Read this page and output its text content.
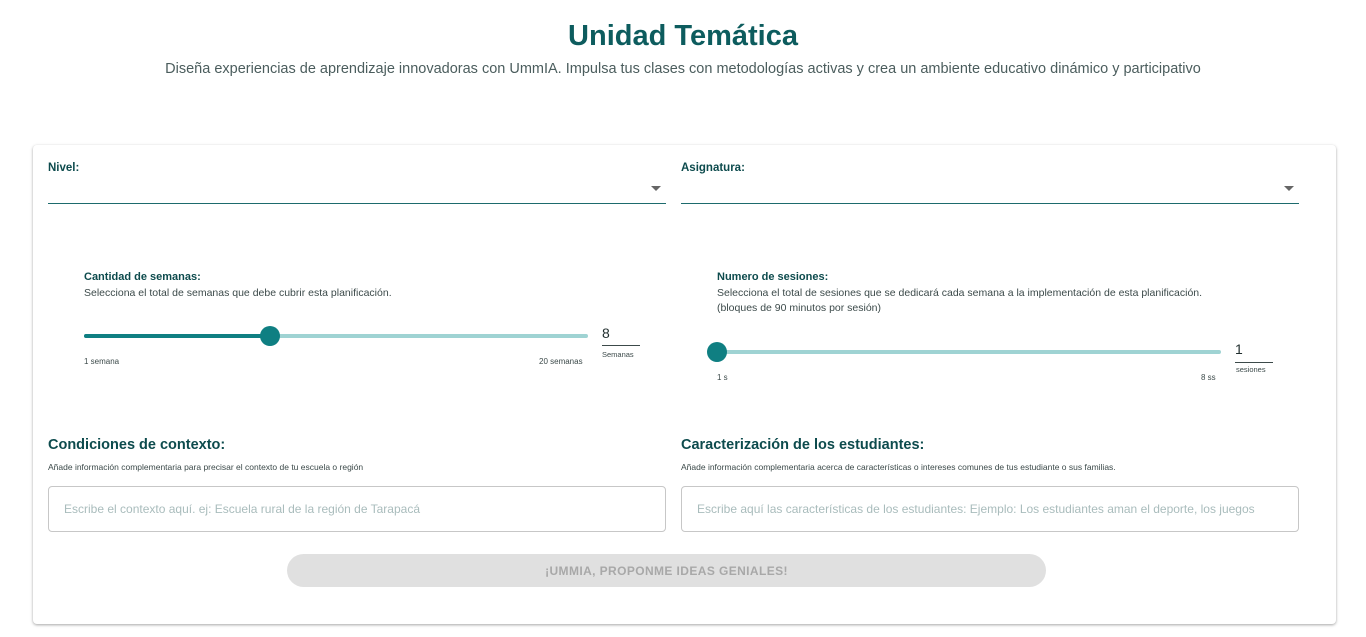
Unidad Temática

Diseña experiencias de aprendizaje innovadoras con UmmIA. Impulsa tus clases con metodologías activas y crea un ambiente educativo dinámico y participativo

Nivel:	Asignatura:
Cantidad de semanas:
Selecciona el total de semanas que debe cubrir esta planificación.
1 semana	20 semanas
8
Semanas
Numero de sesiones:
Selecciona el total de sesiones que se dedicará cada semana a la implementación de esta planificación.
(bloques de 90 minutos por sesión)
1 s	8 ss
1
sesiones
Condiciones de contexto:
Añade información complementaria para precisar el contexto de tu escuela o región
Escribe el contexto aquí. ej: Escuela rural de la región de Tarapacá
Caracterización de los estudiantes:
Añade información complementaria acerca de características o intereses comunes de tus estudiante o sus familias.
Escribe aquí las características de los estudiantes: Ejemplo: Los estudiantes aman el deporte, los juegos
¡UMMIA, PROPONME IDEAS GENIALES!
